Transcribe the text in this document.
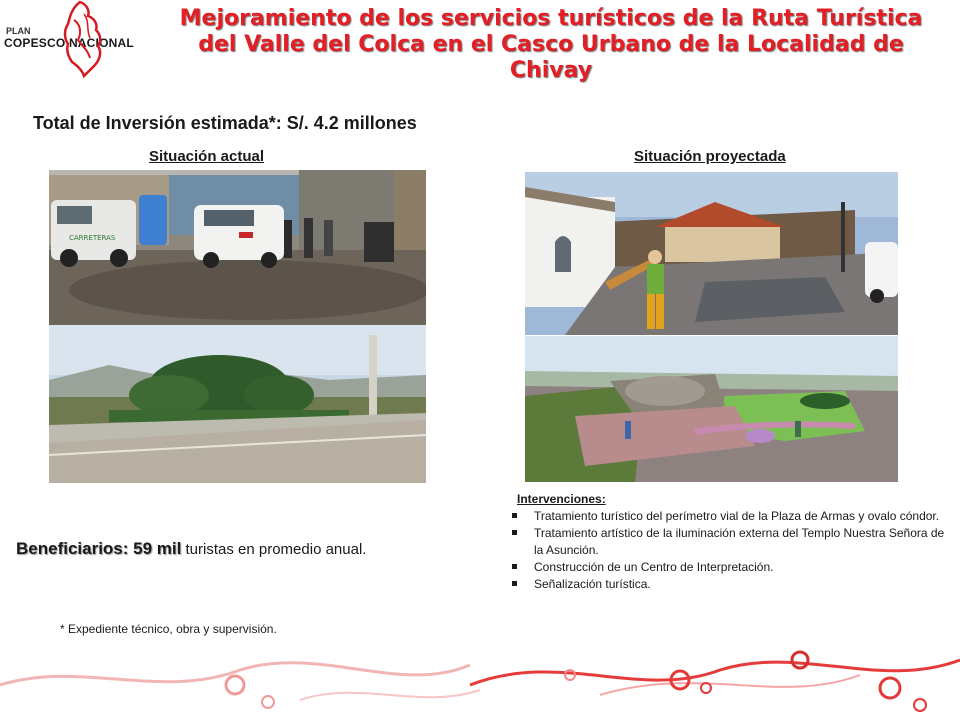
PLAN
COPESCO NACIONAL
Mejoramiento de los servicios turísticos de la Ruta Turística del Valle del Colca en el Casco Urbano de la Localidad de Chivay
Total de Inversión estimada*: S/. 4.2 millones
Situación actual	Situación proyectada
CARRETERAS
Intervenciones:
Tratamiento turístico del perímetro vial de la Plaza de Armas y ovalo cóndor.
Tratamiento artístico de la iluminación externa del Templo Nuestra Señora de la Asunción.
Construcción de un Centro de Interpretación.
Señalización turística.
Beneficiarios: 59 mil turistas en promedio anual.
* Expediente técnico, obra y supervisión.
